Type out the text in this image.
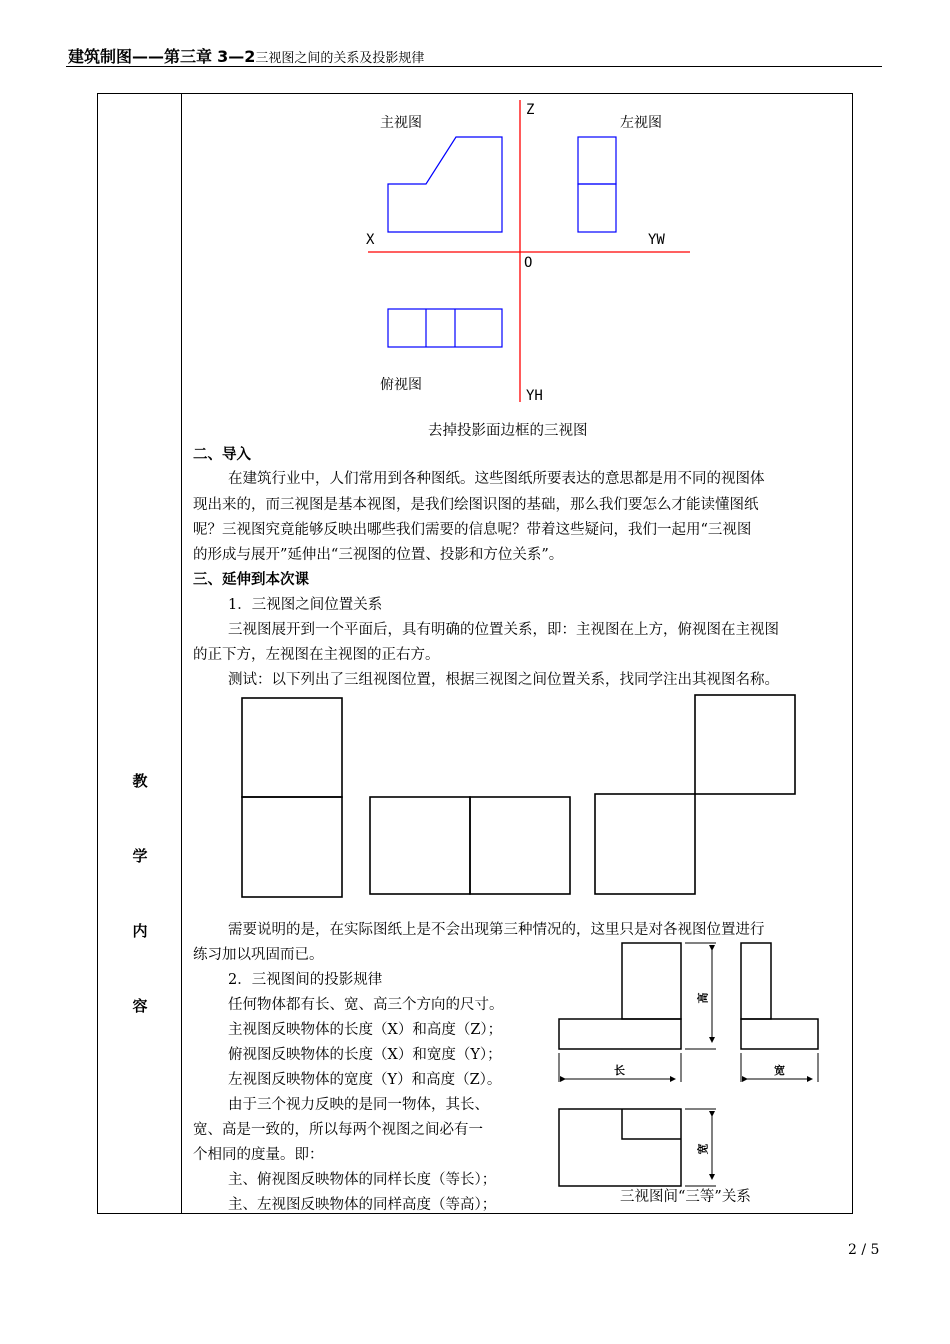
建筑制图——第三章 3—2三视图之间的关系及投影规律
教
学
内
容
主视图	左视图
俯视图
Z
X	YW
O
YH
去掉投影面边框的三视图
二、导入
在建筑行业中，人们常用到各种图纸。这些图纸所要表达的意思都是用不同的视图体
现出来的，而三视图是基本视图，是我们绘图识图的基础，那么我们要怎么才能读懂图纸
呢？三视图究竟能够反映出哪些我们需要的信息呢？带着这些疑问，我们一起用“三视图
的形成与展开”延伸出“三视图的位置、投影和方位关系”。
三、延伸到本次课
1．三视图之间位置关系
三视图展开到一个平面后，具有明确的位置关系，即：主视图在上方，俯视图在主视图
的正下方，左视图在主视图的正右方。
测试：以下列出了三组视图位置，根据三视图之间位置关系，找同学注出其视图名称。
需要说明的是，在实际图纸上是不会出现第三种情况的，这里只是对各视图位置进行
练习加以巩固而已。
2．三视图间的投影规律
任何物体都有长、宽、高三个方向的尺寸。
主视图反映物体的长度（X）和高度（Z）；
俯视图反映物体的长度（X）和宽度（Y）；
左视图反映物体的宽度（Y）和高度（Z）。
由于三个视力反映的是同一物体，其长、
宽、高是一致的，所以每两个视图之间必有一
个相同的度量。即：
主、俯视图反映物体的同样长度（等长）；
主、左视图反映物体的同样高度（等高）；
高
长	宽
宽
三视图间“三等”关系
2 / 5
